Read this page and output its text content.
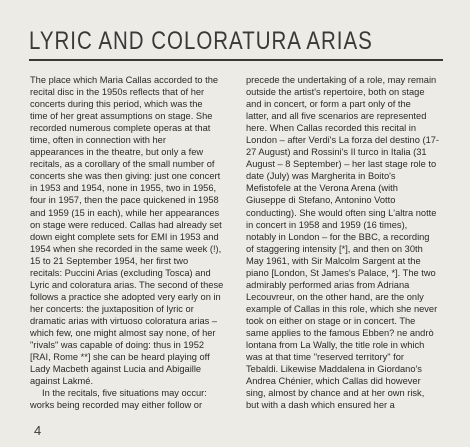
LYRIC AND COLORATURA ARIAS
The place which Maria Callas accorded to the
recital disc in the 1950s reflects that of her
concerts during this period, which was the
time of her great assumptions on stage. She
recorded numerous complete operas at that
time, often in connection with her
appearances in the theatre, but only a few
recitals, as a corollary of the small number of
concerts she was then giving: just one concert
in 1953 and 1954, none in 1955, two in 1956,
four in 1957, then the pace quickened in 1958
and 1959 (15 in each), while her appearances
on stage were reduced. Callas had already set
down eight complete sets for EMI in 1953 and
1954 when she recorded in the same week (!),
15 to 21 September 1954, her first two
recitals: Puccini Arias (excluding Tosca) and
Lyric and coloratura arias. The second of these
follows a practice she adopted very early on in
her concerts: the juxtaposition of lyric or
dramatic arias with virtuoso coloratura arias –
which few, one might almost say none, of her
"rivals" was capable of doing: thus in 1952
[RAI, Rome **] she can be heard playing off
Lady Macbeth against Lucia and Abigaille
against Lakmé.
In the recitals, five situations may occur:
works being recorded may either follow or
precede the undertaking of a role, may remain
outside the artist's repertoire, both on stage
and in concert, or form a part only of the
latter, and all five scenarios are represented
here. When Callas recorded this recital in
London – after Verdi's La forza del destino (17-
27 August) and Rossini's Il turco in Italia (31
August – 8 September) – her last stage role to
date (July) was Margherita in Boito's
Mefistofele at the Verona Arena (with
Giuseppe di Stefano, Antonino Votto
conducting). She would often sing L'altra notte
in concert in 1958 and 1959 (16 times),
notably in London – for the BBC, a recording
of staggering intensity [*], and then on 30th
May 1961, with Sir Malcolm Sargent at the
piano [London, St James's Palace, *]. The two
admirably performed arias from Adriana
Lecouvreur, on the other hand, are the only
example of Callas in this role, which she never
took on either on stage or in concert. The
same applies to the famous Ebben? ne andrò
lontana from La Wally, the title role in which
was at that time "reserved territory" for
Tebaldi. Likewise Maddalena in Giordano's
Andrea Chénier, which Callas did however
sing, almost by chance and at her own risk,
but with a dash which ensured her a
4
